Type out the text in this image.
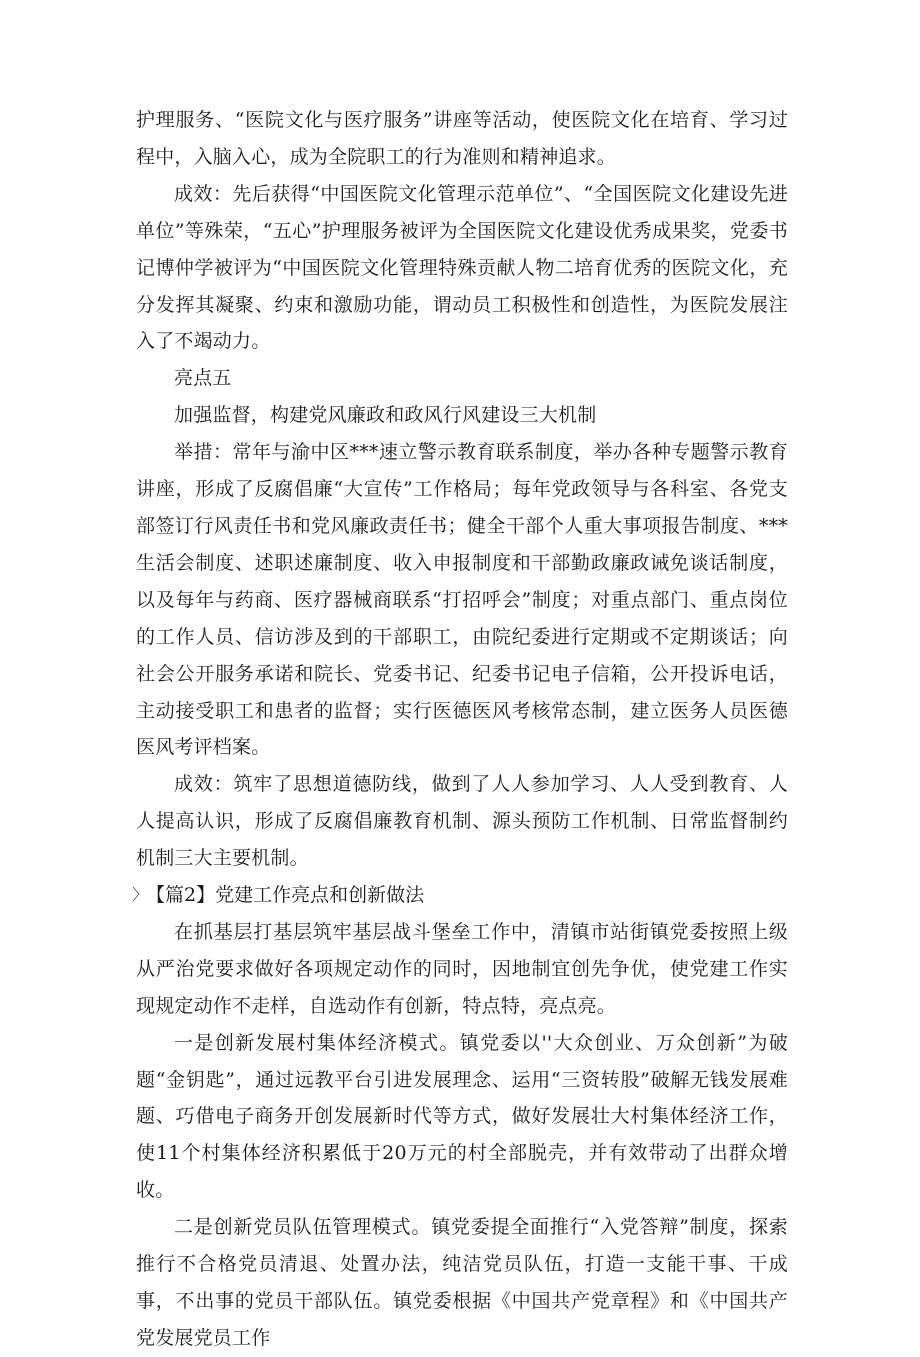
护理服务、“医院文化与医疗服务”讲座等活动，使医院文化在培育、学习过程中，入脑入心，成为全院职工的行为准则和精神追求。

成效：先后获得“中国医院文化管理示范单位”、“全国医院文化建设先进单位”等殊荣，“五心”护理服务被评为全国医院文化建设优秀成果奖，党委书记博仲学被评为“中国医院文化管理特殊贡献人物二培育优秀的医院文化，充分发挥其凝聚、约束和激励功能，谓动员工积极性和创造性，为医院发展注入了不竭动力。

亮点五

加强监督，构建党风廉政和政风行风建设三大机制

举措：常年与渝中区***速立警示教育联系制度，举办各种专题警示教育讲座，形成了反腐倡廉“大宣传”工作格局；每年党政领导与各科室、各党支部签订行风责任书和党风廉政责任书；健全干部个人重大事项报告制度、***生活会制度、述职述廉制度、收入申报制度和干部勤政廉政诫免谈话制度，以及每年与药商、医疗器械商联系“打招呼会”制度；对重点部门、重点岗位的工作人员、信访涉及到的干部职工，由院纪委进行定期或不定期谈话；向社会公开服务承诺和院长、党委书记、纪委书记电子信箱，公开投诉电话，主动接受职工和患者的监督；实行医德医风考核常态制，建立医务人员医德医风考评档案。

成效：筑牢了思想道德防线，做到了人人参加学习、人人受到教育、人人提高认识，形成了反腐倡廉教育机制、源头预防工作机制、日常监督制约机制三大主要机制。

〉
【篇2】党建工作亮点和创新做法

在抓基层打基层筑牢基层战斗堡垒工作中，清镇市站街镇党委按照上级从严治党要求做好各项规定动作的同时，因地制宜创先争优，使党建工作实现规定动作不走样，自选动作有创新，特点特，亮点亮。

一是创新发展村集体经济模式。镇党委以''大众创业、万众创新”为破题“金钥匙”，通过远教平台引进发展理念、运用“三资转股”破解无钱发展难题、巧借电子商务开创发展新时代等方式，做好发展壮大村集体经济工作，使11个村集体经济积累低于20万元的村全部脱壳，并有效带动了出群众增收。

二是创新党员队伍管理模式。镇党委提全面推行“入党答辩”制度，探索推行不合格党员清退、处置办法，纯洁党员队伍，打造一支能干事、干成事，不出事的党员干部队伍。镇党委根据《中国共产党章程》和《中国共产党发展党员工作
